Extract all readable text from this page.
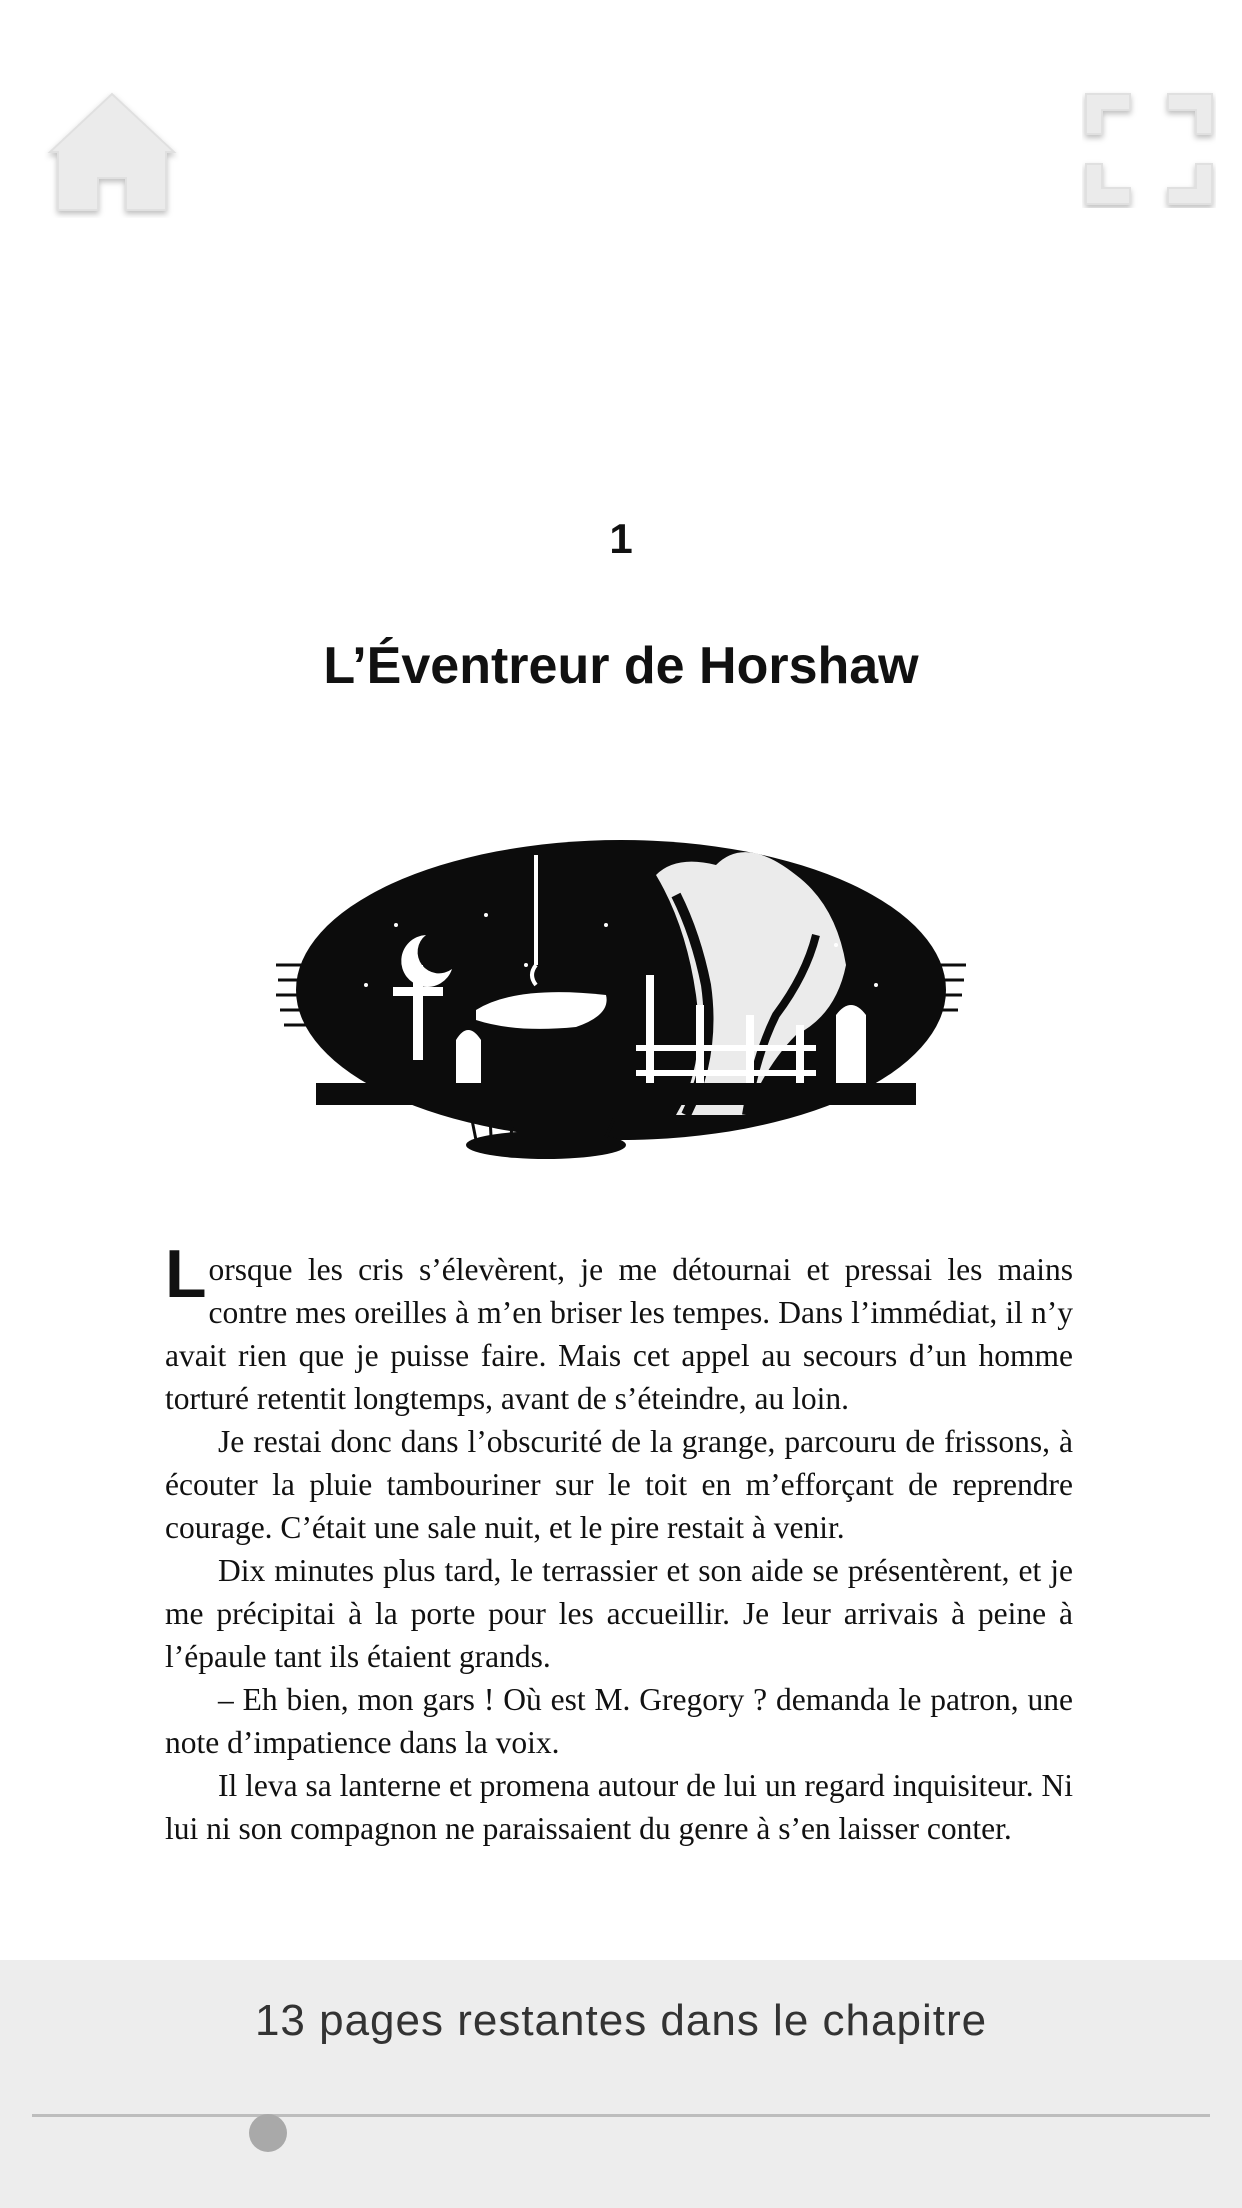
1
L’Éventreur de Horshaw

Lorsque les cris s’élevèrent, je me détournai et pressai les mains contre mes oreilles à m’en briser les tempes. Dans l’immédiat, il n’y avait rien que je puisse faire. Mais cet appel au secours d’un homme torturé retentit longtemps, avant de s’éteindre, au loin.

Je restai donc dans l’obscurité de la grange, parcouru de frissons, à écouter la pluie tambouriner sur le toit en m’efforçant de reprendre courage. C’était une sale nuit, et le pire restait à venir.

Dix minutes plus tard, le terrassier et son aide se présentèrent, et je me précipitai à la porte pour les accueillir. Je leur arrivais à peine à l’épaule tant ils étaient grands.

– Eh bien, mon gars ! Où est M. Gregory ? demanda le patron, une note d’impatience dans la voix.

Il leva sa lanterne et promena autour de lui un regard inquisiteur. Ni lui ni son compagnon ne paraissaient du genre à s’en laisser conter.

13 pages restantes dans le chapitre
